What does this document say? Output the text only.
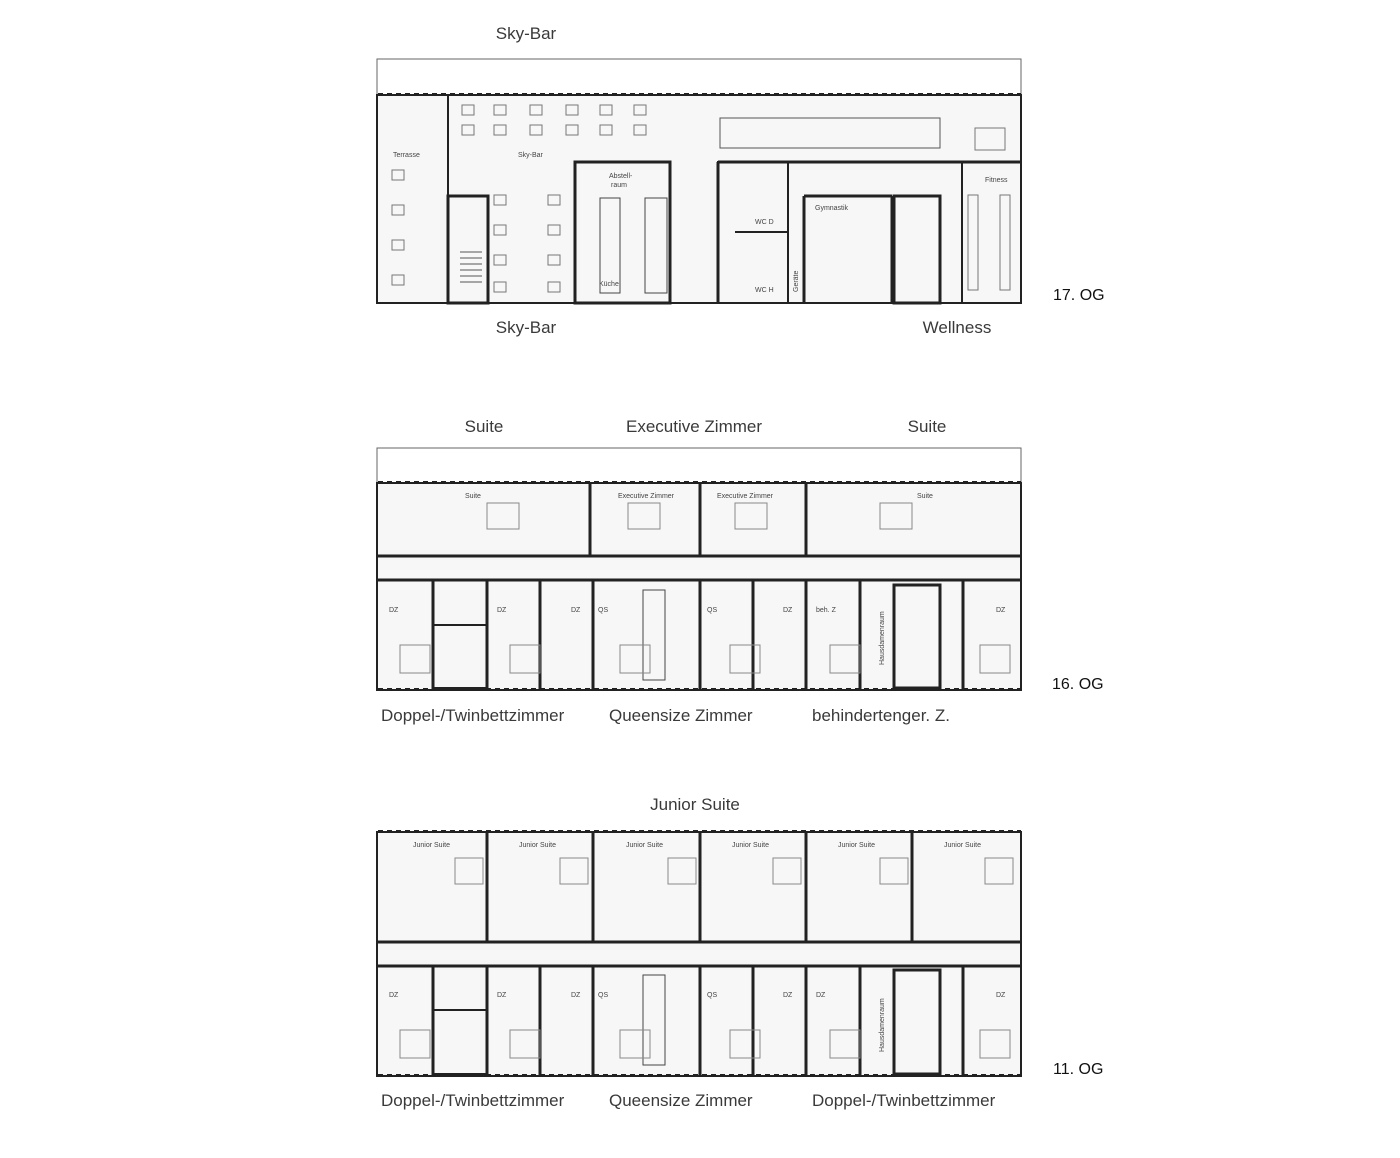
Terrasse	Sky-Bar
Abstell-
raum
Küche
WC D
WC H	Geräte
Gymnastik
Fitness
Suite	Executive Zimmer	Executive Zimmer	Suite
DZ	DZ	DZ	QS	QS	DZ	beh. Z
Hausdamenraum
DZ
Junior Suite	Junior Suite	Junior Suite	Junior Suite	Junior Suite	Junior Suite
DZ	DZ	DZ	QS	QS	DZ	DZ
Hausdamenraum
DZ
Sky-Bar
Sky-Bar	Wellness
17. OG
Suite	Executive Zimmer	Suite
Doppel-/Twinbettzimmer	Queensize Zimmer	behindertenger. Z.
16. OG
Junior Suite
Doppel-/Twinbettzimmer	Queensize Zimmer	Doppel-/Twinbettzimmer
11. OG
